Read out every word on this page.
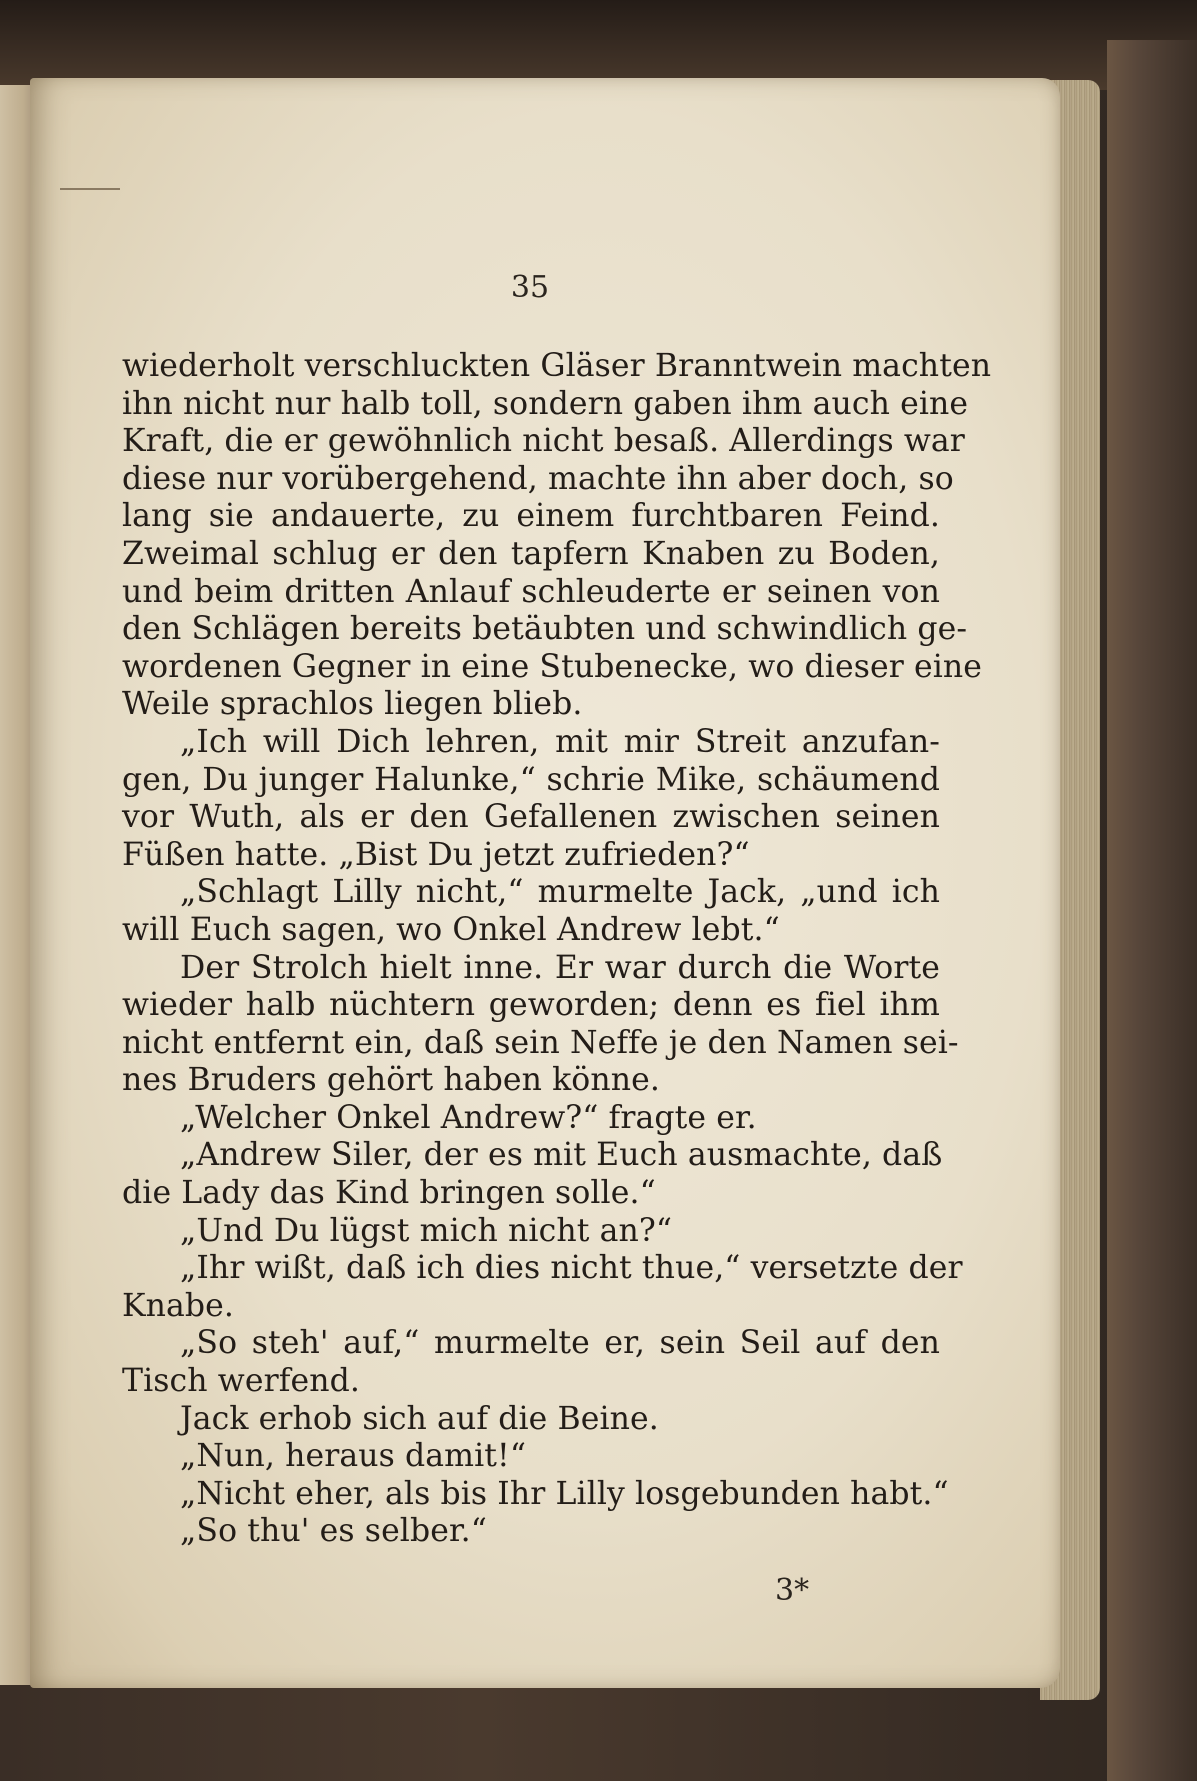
35
wiederholt verschluckten Gläser Branntwein machten
ihn nicht nur halb toll, sondern gaben ihm auch eine
Kraft, die er gewöhnlich nicht besaß. Allerdings war
diese nur vorübergehend, machte ihn aber doch, so
lang sie andauerte, zu einem furchtbaren Feind.
Zweimal schlug er den tapfern Knaben zu Boden,
und beim dritten Anlauf schleuderte er seinen von
den Schlägen bereits betäubten und schwindlich ge-
wordenen Gegner in eine Stubenecke, wo dieser eine
Weile sprachlos liegen blieb.
„Ich will Dich lehren, mit mir Streit anzufan-
gen, Du junger Halunke,“ schrie Mike, schäumend
vor Wuth, als er den Gefallenen zwischen seinen
Füßen hatte. „Bist Du jetzt zufrieden?“
„Schlagt Lilly nicht,“ murmelte Jack, „und ich
will Euch sagen, wo Onkel Andrew lebt.“
Der Strolch hielt inne. Er war durch die Worte
wieder halb nüchtern geworden; denn es fiel ihm
nicht entfernt ein, daß sein Neffe je den Namen sei-
nes Bruders gehört haben könne.
„Welcher Onkel Andrew?“ fragte er.
„Andrew Siler, der es mit Euch ausmachte, daß
die Lady das Kind bringen solle.“
„Und Du lügst mich nicht an?“
„Ihr wißt, daß ich dies nicht thue,“ versetzte der
Knabe.
„So steh' auf,“ murmelte er, sein Seil auf den
Tisch werfend.
Jack erhob sich auf die Beine.
„Nun, heraus damit!“
„Nicht eher, als bis Ihr Lilly losgebunden habt.“
„So thu' es selber.“
3*
